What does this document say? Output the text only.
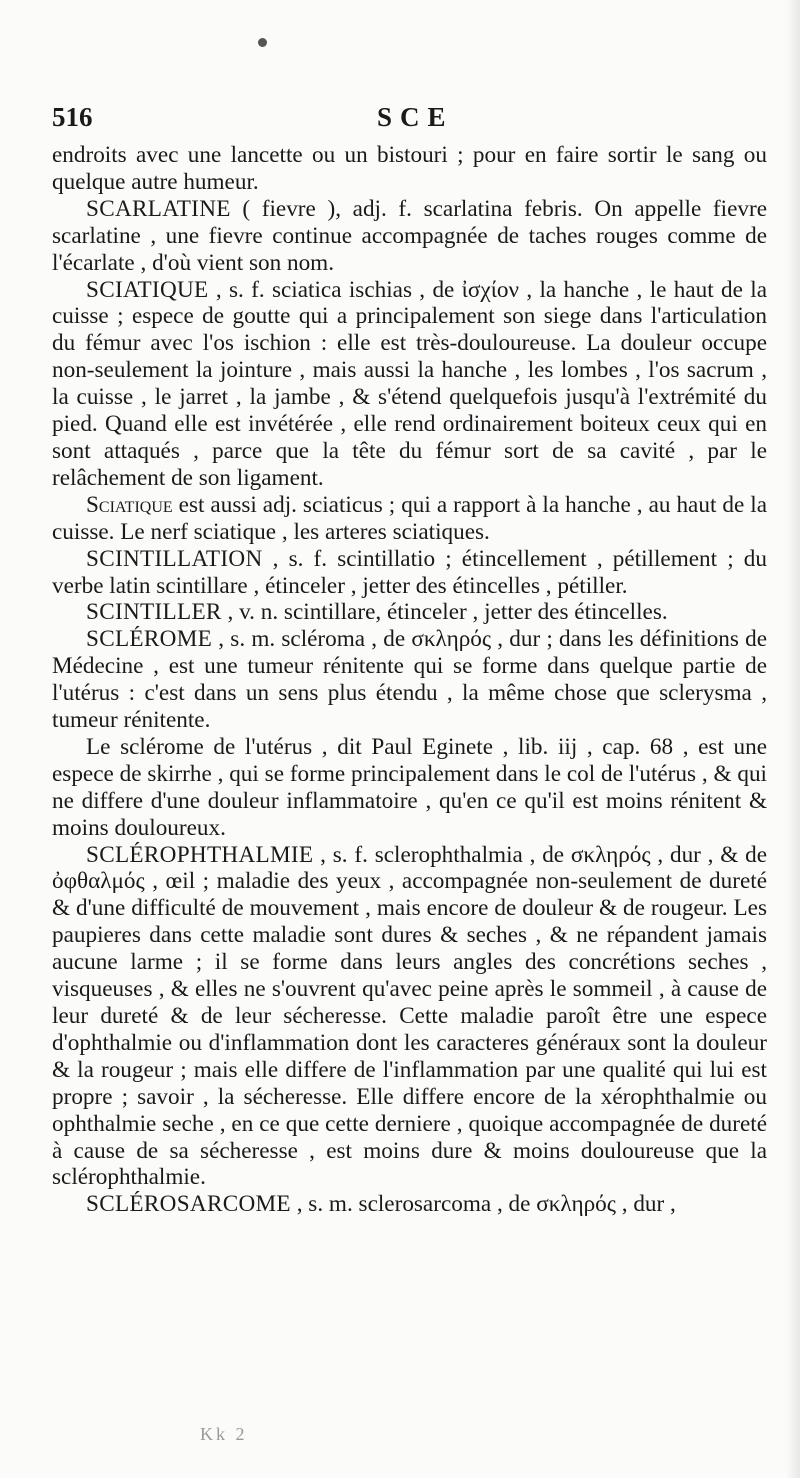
516	SCE

endroits avec une lancette ou un bistouri ; pour en faire sortir le sang ou quelque autre humeur.

SCARLATINE ( fievre ), adj. f. scarlatina febris. On appelle fievre scarlatine , une fievre continue accompagnée de taches rouges comme de l'écarlate , d'où vient son nom.

SCIATIQUE , s. f. sciatica ischias , de ἰσχίον , la hanche , le haut de la cuisse ; espece de goutte qui a principalement son siege dans l'articulation du fémur avec l'os ischion : elle est très-douloureuse. La douleur occupe non-seulement la jointure , mais aussi la hanche , les lombes , l'os sacrum , la cuisse , le jarret , la jambe , & s'étend quelquefois jusqu'à l'extrémité du pied. Quand elle est invétérée , elle rend ordinairement boiteux ceux qui en sont attaqués , parce que la tête du fémur sort de sa cavité , par le relâchement de son ligament.

Sciatique est aussi adj. sciaticus ; qui a rapport à la hanche , au haut de la cuisse. Le nerf sciatique , les arteres sciatiques.

SCINTILLATION , s. f. scintillatio ; étincellement , pétillement ; du verbe latin scintillare , étinceler , jetter des étincelles , pétiller.

SCINTILLER , v. n. scintillare, étinceler , jetter des étincelles.

SCLÉROME , s. m. scléroma , de σκληρός , dur ; dans les définitions de Médecine , est une tumeur rénitente qui se forme dans quelque partie de l'utérus : c'est dans un sens plus étendu , la même chose que sclerysma , tumeur rénitente.

Le sclérome de l'utérus , dit Paul Eginete , lib. iij , cap. 68 , est une espece de skirrhe , qui se forme principalement dans le col de l'utérus , & qui ne differe d'une douleur inflammatoire , qu'en ce qu'il est moins rénitent & moins douloureux.

SCLÉROPHTHALMIE , s. f. sclerophthalmia , de σκληρός , dur , & de ὀφθαλμός , œil ; maladie des yeux , accompagnée non-seulement de dureté & d'une difficulté de mouvement , mais encore de douleur & de rougeur. Les paupieres dans cette maladie sont dures & seches , & ne répandent jamais aucune larme ; il se forme dans leurs angles des concrétions seches , visqueuses , & elles ne s'ouvrent qu'avec peine après le sommeil , à cause de leur dureté & de leur sécheresse. Cette maladie paroît être une espece d'ophthalmie ou d'inflammation dont les caracteres généraux sont la douleur & la rougeur ; mais elle differe de l'inflammation par une qualité qui lui est propre ; savoir , la sécheresse. Elle differe encore de la xérophthalmie ou ophthalmie seche , en ce que cette derniere , quoique accompagnée de dureté à cause de sa sécheresse , est moins dure & moins douloureuse que la sclérophthalmie.

SCLÉROSARCOME , s. m. sclerosarcoma , de σκληρός , dur ,

Kk 2
